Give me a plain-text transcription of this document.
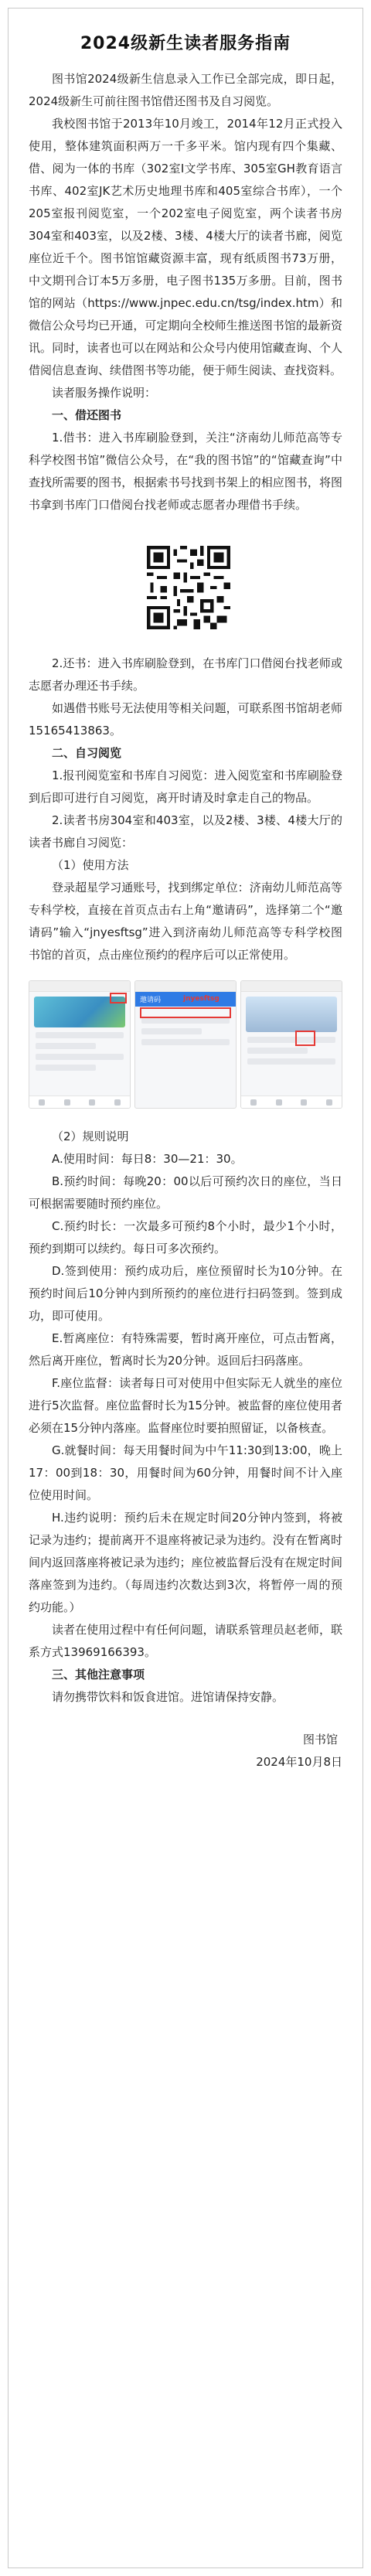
2024级新生读者服务指南

图书馆2024级新生信息录入工作已全部完成，即日起，2024级新生可前往图书馆借还图书及自习阅览。

我校图书馆于2013年10月竣工，2014年12月正式投入使用，整体建筑面积两万一千多平米。馆内现有四个集藏、借、阅为一体的书库（302室I文学书库、305室GH教育语言书库、402室JK艺术历史地理书库和405室综合书库），一个205室报刊阅览室，一个202室电子阅览室，两个读者书房304室和403室，以及2楼、3楼、4楼大厅的读者书廊，阅览座位近千个。图书馆馆藏资源丰富，现有纸质图书73万册，中文期刊合订本5万多册，电子图书135万多册。目前，图书馆的网站（https://www.jnpec.edu.cn/tsg/index.htm）和微信公众号均已开通，可定期向全校师生推送图书馆的最新资讯。同时，读者也可以在网站和公众号内使用馆藏查询、个人借阅信息查询、续借图书等功能，便于师生阅读、查找资料。

读者服务操作说明：

一、借还图书

1.借书：进入书库刷脸登到，关注“济南幼儿师范高等专科学校图书馆”微信公众号，在“我的图书馆”的“馆藏查询”中查找所需要的图书，根据索书号找到书架上的相应图书，将图书拿到书库门口借阅台找老师或志愿者办理借书手续。

2.还书：进入书库刷脸登到，在书库门口借阅台找老师或志愿者办理还书手续。

如遇借书账号无法使用等相关问题，可联系图书馆胡老师15165413863。

二、自习阅览

1.报刊阅览室和书库自习阅览：进入阅览室和书库刷脸登到后即可进行自习阅览，离开时请及时拿走自己的物品。

2.读者书房304室和403室，以及2楼、3楼、4楼大厅的读者书廊自习阅览：

（1）使用方法

登录超星学习通账号，找到绑定单位：济南幼儿师范高等专科学校，直接在首页点击右上角“邀请码”，选择第二个“邀请码”输入“jnyesftsg”进入到济南幼儿师范高等专科学校图书馆的首页，点击座位预约的程序后可以正常使用。

邀请码	jnyesftsg

（2）规则说明

A.使用时间：每日8：30—21：30。

B.预约时间：每晚20：00以后可预约次日的座位，当日可根据需要随时预约座位。

C.预约时长：一次最多可预约8个小时，最少1个小时，预约到期可以续约。每日可多次预约。

D.签到使用：预约成功后，座位预留时长为10分钟。在预约时间后10分钟内到所预约的座位进行扫码签到。签到成功，即可使用。

E.暂离座位：有特殊需要，暂时离开座位，可点击暂离，然后离开座位，暂离时长为20分钟。返回后扫码落座。

F.座位监督：读者每日可对使用中但实际无人就坐的座位进行5次监督。座位监督时长为15分钟。被监督的座位使用者必须在15分钟内落座。监督座位时要拍照留证，以备核查。

G.就餐时间：每天用餐时间为中午11:30到13:00，晚上17：00到18：30，用餐时间为60分钟，用餐时间不计入座位使用时间。

H.违约说明：预约后未在规定时间20分钟内签到，将被记录为违约；提前离开不退座将被记录为违约。没有在暂离时间内返回落座将被记录为违约；座位被监督后没有在规定时间落座签到为违约。（每周违约次数达到3次，将暂停一周的预约功能。）

读者在使用过程中有任何问题，请联系管理员赵老师，联系方式13969166393。

三、其他注意事项

请勿携带饮料和饭食进馆。进馆请保持安静。

图书馆
2024年10月8日
